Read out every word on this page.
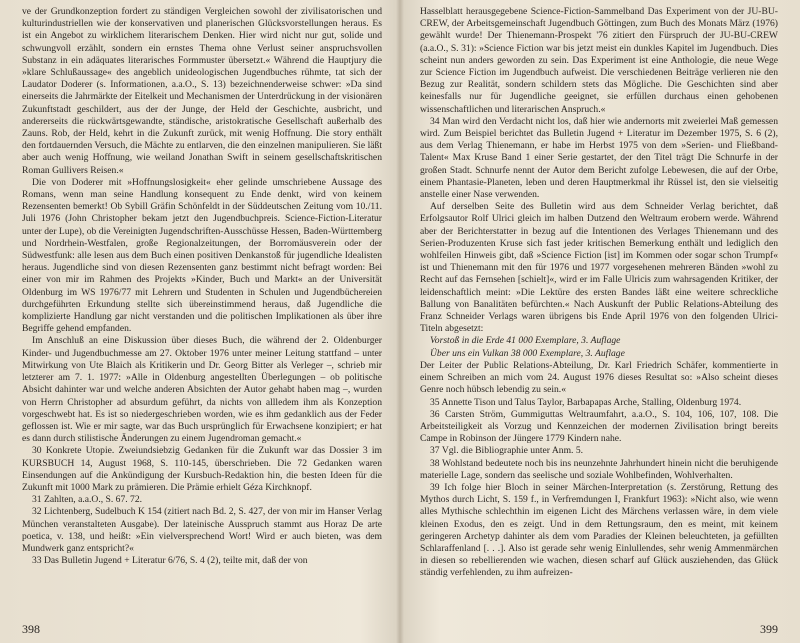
ve der Grundkonzeption fordert zu ständigen Vergleichen sowohl der zivilisatorischen und kulturindustriellen wie der konservativen und planerischen Glücksvorstellungen heraus. Es ist ein Angebot zu wirklichem literarischem Denken. Hier wird nicht nur gut, solide und schwungvoll erzählt, sondern ein ernstes Thema ohne Verlust seiner anspruchsvollen Substanz in ein adäquates literarisches Formmuster übersetzt.« Während die Hauptjury die »klare Schlußaussage« des angeblich unideologischen Jugendbuches rühmte, tat sich der Laudator Doderer (s. Informationen, a.a.O., S. 13) bezeichnenderweise schwer: »Da sind einerseits die Jahrmärkte der Eitelkeit und Mechanismen der Unterdrückung in der visionären Zukunftstadt geschildert, aus der der Junge, der Held der Geschichte, ausbricht, und andererseits die rückwärtsgewandte, ständische, aristokratische Gesellschaft außerhalb des Zauns. Rob, der Held, kehrt in die Zukunft zurück, mit wenig Hoffnung. Die story enthält den fortdauernden Versuch, die Mächte zu entlarven, die den einzelnen manipulieren. Sie läßt aber auch wenig Hoffnung, wie weiland Jonathan Swift in seinem gesellschaftskritischen Roman Gullivers Reisen.«

Die von Doderer mit »Hoffnungslosigkeit« eher gelinde umschriebene Aussage des Romans, wenn man seine Handlung konsequent zu Ende denkt, wird von keinem Rezensenten bemerkt! Ob Sybill Gräfin Schönfeldt in der Süddeutschen Zeitung vom 10./11. Juli 1976 (John Christopher bekam jetzt den Jugendbuchpreis. Science-Fiction-Literatur unter der Lupe), ob die Vereinigten Jugendschriften-Ausschüsse Hessen, Baden-Württemberg und Nordrhein-Westfalen, große Regionalzeitungen, der Borromäusverein oder der Südwestfunk: alle lesen aus dem Buch einen positiven Denkanstoß für jugendliche Idealisten heraus. Jugendliche sind von diesen Rezensenten ganz bestimmt nicht befragt worden: Bei einer von mir im Rahmen des Projekts »Kinder, Buch und Markt« an der Universität Oldenburg im WS 1976/77 mit Lehrern und Studenten in Schulen und Jugendbüchereien durchgeführten Erkundung stellte sich übereinstimmend heraus, daß Jugendliche die komplizierte Handlung gar nicht verstanden und die politischen Implikationen als über ihre Begriffe gehend empfanden.

Im Anschluß an eine Diskussion über dieses Buch, die während der 2. Oldenburger Kinder- und Jugendbuchmesse am 27. Oktober 1976 unter meiner Leitung stattfand – unter Mitwirkung von Ute Blaich als Kritikerin und Dr. Georg Bitter als Verleger –, schrieb mir letzterer am 7. 1. 1977: »Alle in Oldenburg angestellten Überlegungen – ob politische Absicht dahinter war und welche anderen Absichten der Autor gehabt haben mag –, wurden von Herrn Christopher ad absurdum geführt, da nichts von allledem ihm als Konzeption vorgeschwebt hat. Es ist so niedergeschrieben worden, wie es ihm gedanklich aus der Feder geflossen ist. Wie er mir sagte, war das Buch ursprünglich für Erwachsene konzipiert; er hat es dann durch stilistische Änderungen zu einem Jugendroman gemacht.«

30 Konkrete Utopie. Zweiundsiebzig Gedanken für die Zukunft war das Dossier 3 im KURSBUCH 14, August 1968, S. 110-145, überschrieben. Die 72 Gedanken waren Einsendungen auf die Ankündigung der Kursbuch-Redaktion hin, die besten Ideen für die Zukunft mit 1000 Mark zu prämieren. Die Prämie erhielt Géza Kirchknopf.

31 Zahlten, a.a.O., S. 67. 72.

32 Lichtenberg, Sudelbuch K 154 (zitiert nach Bd. 2, S. 427, der von mir im Hanser Verlag München veranstalteten Ausgabe). Der lateinische Ausspruch stammt aus Horaz De arte poetica, v. 138, und heißt: »Ein vielversprechend Wort! Wird er auch bieten, was dem Mundwerk ganz entspricht?«

33 Das Bulletin Jugend + Literatur 6/76, S. 4 (2), teilte mit, daß der von

398

Hasselblatt herausgegebene Science-Fiction-Sammelband Das Experiment von der JU-BU-CREW, der Arbeitsgemeinschaft Jugendbuch Göttingen, zum Buch des Monats März (1976) gewählt wurde! Der Thienemann-Prospekt '76 zitiert den Fürspruch der JU-BU-CREW (a.a.O., S. 31): »Science Fiction war bis jetzt meist ein dunkles Kapitel im Jugendbuch. Dies scheint nun anders geworden zu sein. Das Experiment ist eine Anthologie, die neue Wege zur Science Fiction im Jugendbuch aufweist. Die verschiedenen Beiträge verlieren nie den Bezug zur Realität, sondern schildern stets das Mögliche. Die Geschichten sind aber keinesfalls nur für Jugendliche geeignet, sie erfüllen durchaus einen gehobenen wissenschaftlichen und literarischen Anspruch.«

34 Man wird den Verdacht nicht los, daß hier wie andernorts mit zweierlei Maß gemessen wird. Zum Beispiel berichtet das Bulletin Jugend + Literatur im Dezember 1975, S. 6 (2), aus dem Verlag Thienemann, er habe im Herbst 1975 von dem »Serien- und Fließband-Talent« Max Kruse Band 1 einer Serie gestartet, der den Titel trägt Die Schnurfe in der großen Stadt. Schnurfe nennt der Autor dem Bericht zufolge Lebewesen, die auf der Orbe, einem Phantasie-Planeten, leben und deren Hauptmerkmal ihr Rüssel ist, den sie vielseitig anstelle einer Nase verwenden.

Auf derselben Seite des Bulletin wird aus dem Schneider Verlag berichtet, daß Erfolgsautor Rolf Ulrici gleich im halben Dutzend den Weltraum erobern werde. Während aber der Berichterstatter in bezug auf die Intentionen des Verlages Thienemann und des Serien-Produzenten Kruse sich fast jeder kritischen Bemerkung enthält und lediglich den wohlfeilen Hinweis gibt, daß »Science Fiction [ist] im Kommen oder sogar schon Trumpf« ist und Thienemann mit den für 1976 und 1977 vorgesehenen mehreren Bänden »wohl zu Recht auf das Fernsehen [schielt]«, wird er im Falle Ulricis zum wahrsagenden Kritiker, der leidenschaftlich meint: »Die Lektüre des ersten Bandes läßt eine weitere schreckliche Ballung von Banalitäten befürchten.« Nach Auskunft der Public Relations-Abteilung des Franz Schneider Verlags waren übrigens bis Ende April 1976 von den folgenden Ulrici-Titeln abgesetzt:

Vorstoß in die Erde 41 000 Exemplare, 3. Auflage

Über uns ein Vulkan 38 000 Exemplare, 3. Auflage

Der Leiter der Public Relations-Abteilung, Dr. Karl Friedrich Schäfer, kommentierte in einem Schreiben an mich vom 24. August 1976 dieses Resultat so: »Also scheint dieses Genre noch hübsch lebendig zu sein.«

35 Annette Tison und Talus Taylor, Barbapapas Arche, Stalling, Oldenburg 1974.

36 Carsten Ström, Gummiguttas Weltraumfahrt, a.a.O., S. 104, 106, 107, 108. Die Arbeitsteiligkeit als Vorzug und Kennzeichen der modernen Zivilisation bringt bereits Campe in Robinson der Jüngere 1779 Kindern nahe.

37 Vgl. die Bibliographie unter Anm. 5.

38 Wohlstand bedeutete noch bis ins neunzehnte Jahrhundert hinein nicht die beruhigende materielle Lage, sondern das seelische und soziale Wohlbefinden, Wohlverhalten.

39 Ich folge hier Bloch in seiner Märchen-Interpretation (s. Zerstörung, Rettung des Mythos durch Licht, S. 159 f., in Verfremdungen I, Frankfurt 1963): »Nicht also, wie wenn alles Mythische schlechthin im eigenen Licht des Märchens verlassen wäre, in dem viele kleinen Exodus, den es zeigt. Und in dem Rettungsraum, den es meint, mit keinem geringeren Archetyp dahinter als dem vom Paradies der Kleinen beleuchteten, ja gefüllten Schlaraffenland [. . .]. Also ist gerade sehr wenig Einlullendes, sehr wenig Ammenmärchen in diesen so rebellierenden wie wachen, diesen scharf auf Glück ausziehenden, das Glück ständig verfehlenden, zu ihm aufreizen-

399
